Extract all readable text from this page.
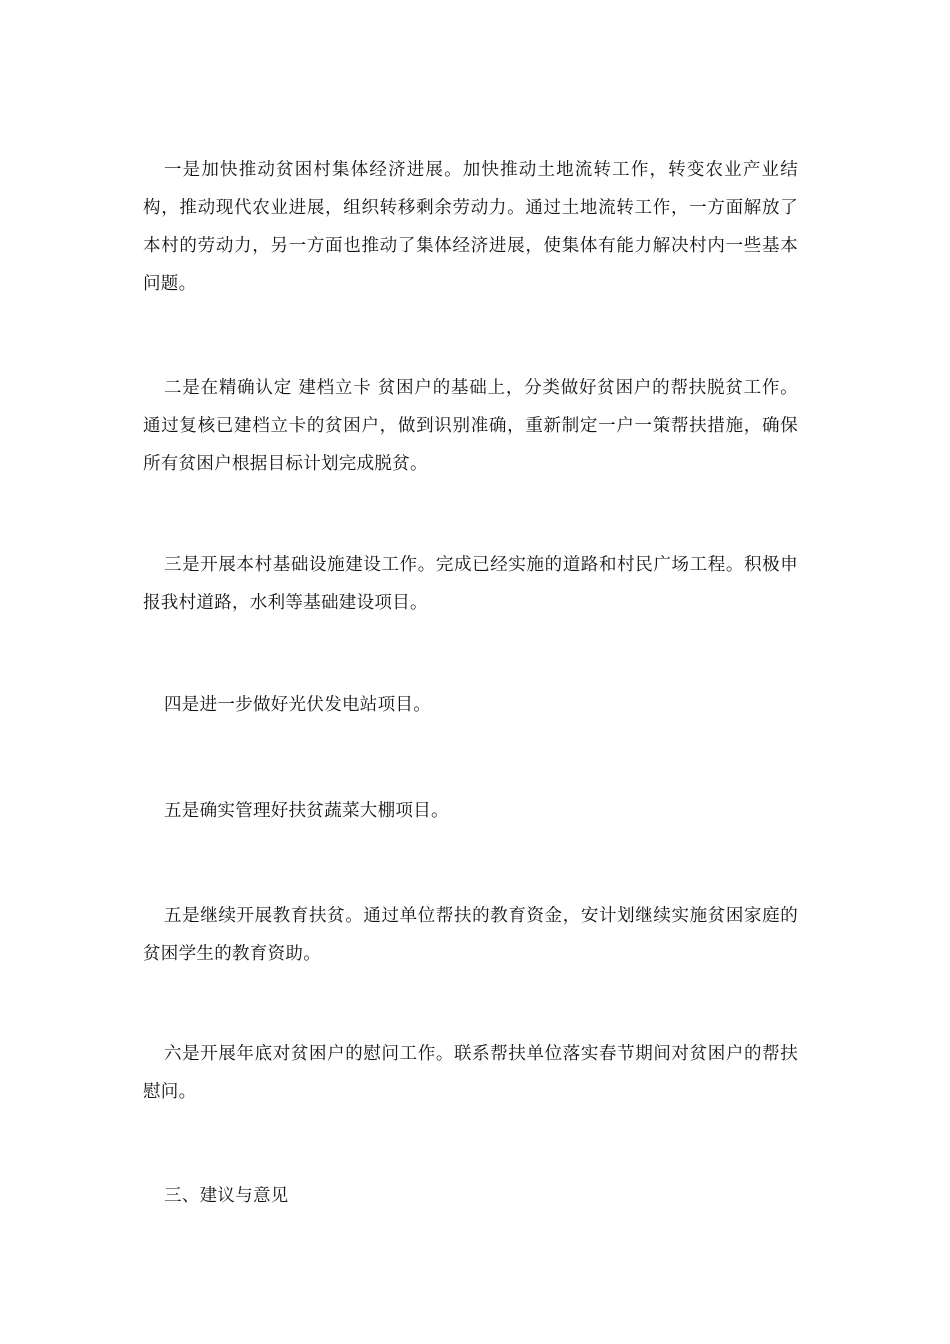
一是加快推动贫困村集体经济进展。加快推动土地流转工作，转变农业产业结构，推动现代农业进展，组织转移剩余劳动力。通过土地流转工作，一方面解放了本村的劳动力，另一方面也推动了集体经济进展，使集体有能力解决村内一些基本问题。

二是在精确认定 建档立卡 贫困户的基础上，分类做好贫困户的帮扶脱贫工作。通过复核已建档立卡的贫困户，做到识别准确，重新制定一户一策帮扶措施，确保所有贫困户根据目标计划完成脱贫。

三是开展本村基础设施建设工作。完成已经实施的道路和村民广场工程。积极申报我村道路，水利等基础建设项目。

四是进一步做好光伏发电站项目。

五是确实管理好扶贫蔬菜大棚项目。

五是继续开展教育扶贫。通过单位帮扶的教育资金，安计划继续实施贫困家庭的贫困学生的教育资助。

六是开展年底对贫困户的慰问工作。联系帮扶单位落实春节期间对贫困户的帮扶慰问。

三、建议与意见
